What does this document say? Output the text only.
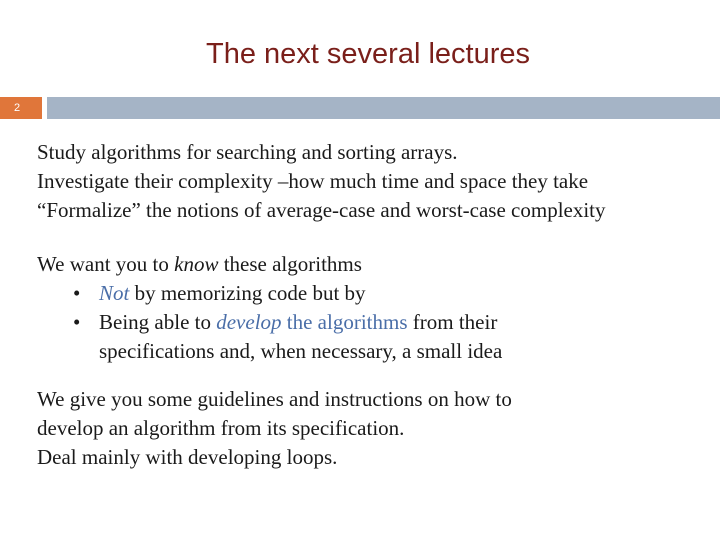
The next several lectures
2
Study algorithms for searching and sorting arrays.
Investigate their complexity –how much time and space they take
“Formalize” the notions of average-case and worst-case complexity
We want you to know these algorithms
• Not by memorizing code but by
• Being able to develop the algorithms from their
specifications and, when necessary, a small idea
We give you some guidelines and instructions on how to
develop an algorithm from its specification.
Deal mainly with developing loops.
